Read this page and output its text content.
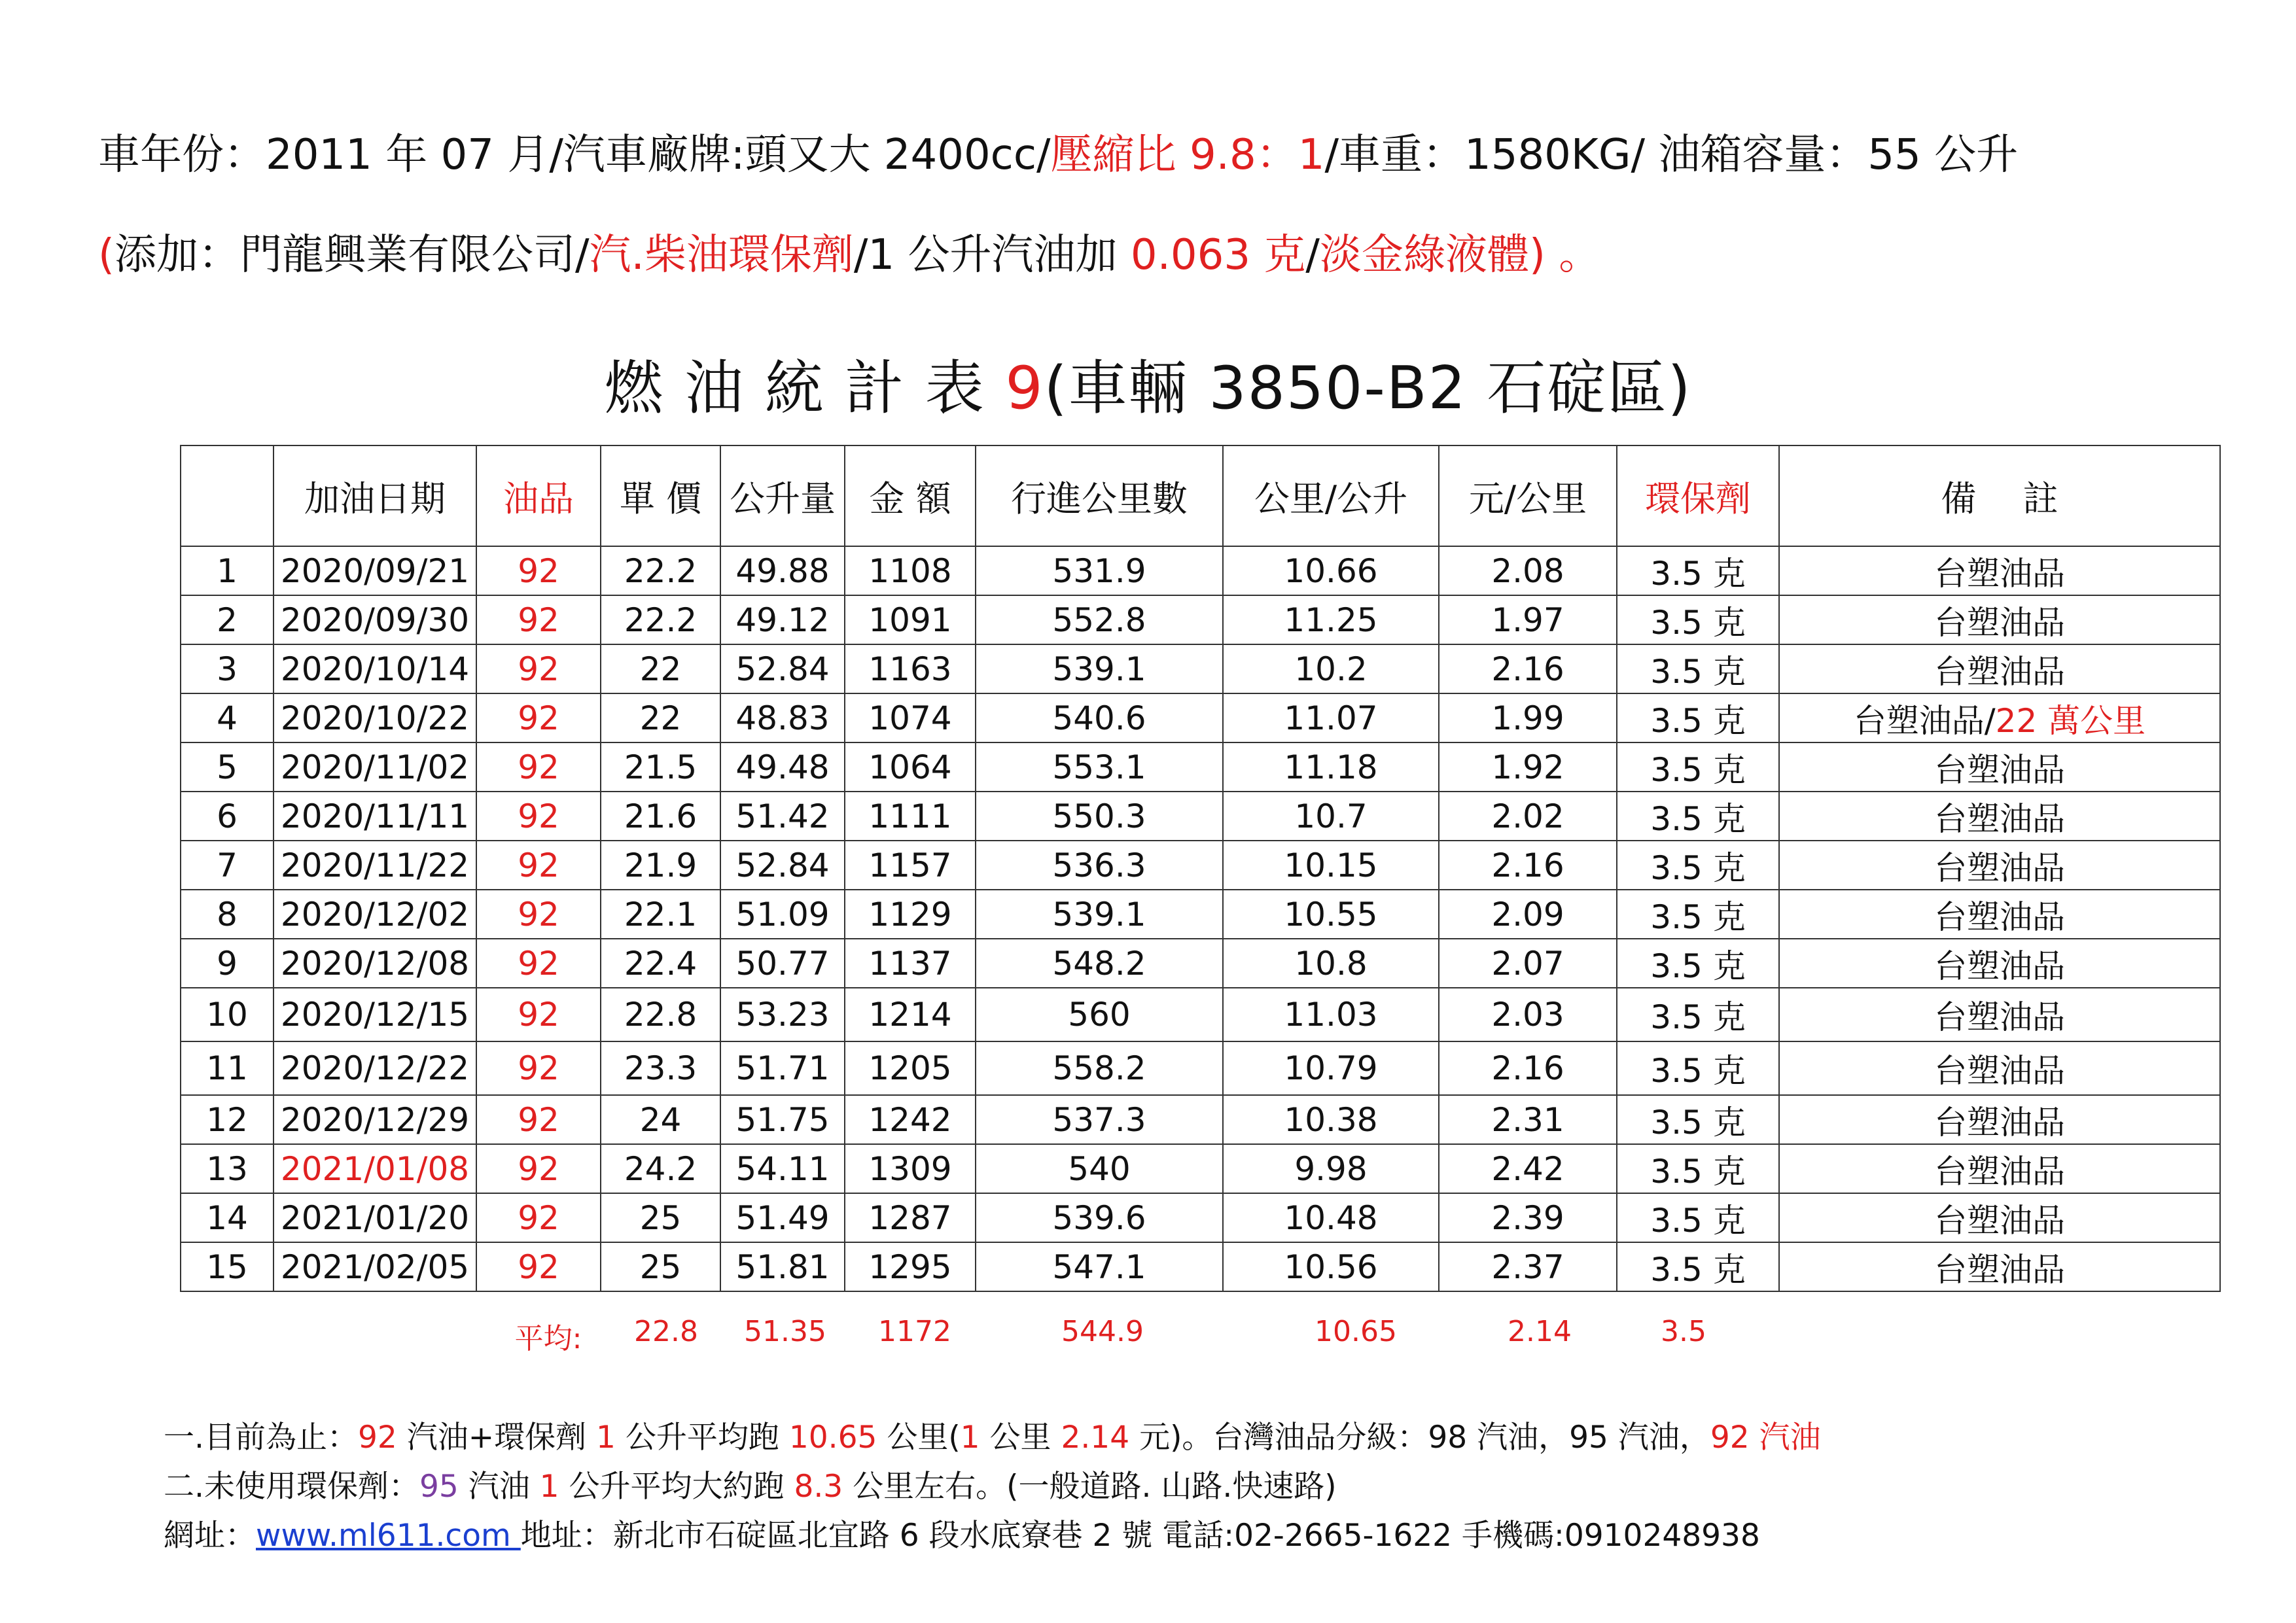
車年份：2011 年 07 月/汽車廠牌:頭又大 2400cc/壓縮比 9.8：1/車重：1580KG/ 油箱容量：55 公升
(添加：門龍興業有限公司/汽.柴油環保劑/1 公升汽油加 0.063 克/淡金綠液體) 。
燃 油 統 計 表 9(車輛 3850-B2 石碇區)
	加油日期	油品	單 價	公升量	金 額	行進公里數	公里/公升	元/公里	環保劑	備　 註
1	2020/09/21	92	22.2	49.88	1108	531.9	10.66	2.08	3.5 克	台塑油品
2	2020/09/30	92	22.2	49.12	1091	552.8	11.25	1.97	3.5 克	台塑油品
3	2020/10/14	92	22	52.84	1163	539.1	10.2	2.16	3.5 克	台塑油品
4	2020/10/22	92	22	48.83	1074	540.6	11.07	1.99	3.5 克	台塑油品/22 萬公里
5	2020/11/02	92	21.5	49.48	1064	553.1	11.18	1.92	3.5 克	台塑油品
6	2020/11/11	92	21.6	51.42	1111	550.3	10.7	2.02	3.5 克	台塑油品
7	2020/11/22	92	21.9	52.84	1157	536.3	10.15	2.16	3.5 克	台塑油品
8	2020/12/02	92	22.1	51.09	1129	539.1	10.55	2.09	3.5 克	台塑油品
9	2020/12/08	92	22.4	50.77	1137	548.2	10.8	2.07	3.5 克	台塑油品
10	2020/12/15	92	22.8	53.23	1214	560	11.03	2.03	3.5 克	台塑油品
11	2020/12/22	92	23.3	51.71	1205	558.2	10.79	2.16	3.5 克	台塑油品
12	2020/12/29	92	24	51.75	1242	537.3	10.38	2.31	3.5 克	台塑油品
13	2021/01/08	92	24.2	54.11	1309	540	9.98	2.42	3.5 克	台塑油品
14	2021/01/20	92	25	51.49	1287	539.6	10.48	2.39	3.5 克	台塑油品
15	2021/02/05	92	25	51.81	1295	547.1	10.56	2.37	3.5 克	台塑油品
平均: 22.8 51.35 1172	544.9	10.65	2.14	3.5
一.目前為止：92 汽油+環保劑 1 公升平均跑 10.65 公里(1 公里 2.14 元)。台灣油品分級：98 汽油，95 汽油，92 汽油
二.未使用環保劑：95 汽油 1 公升平均大約跑 8.3 公里左右。(一般道路. 山路.快速路)
網址：www.ml611.com 地址：新北市石碇區北宜路 6 段水底寮巷 2 號 電話:02-2665-1622 手機碼:0910248938
